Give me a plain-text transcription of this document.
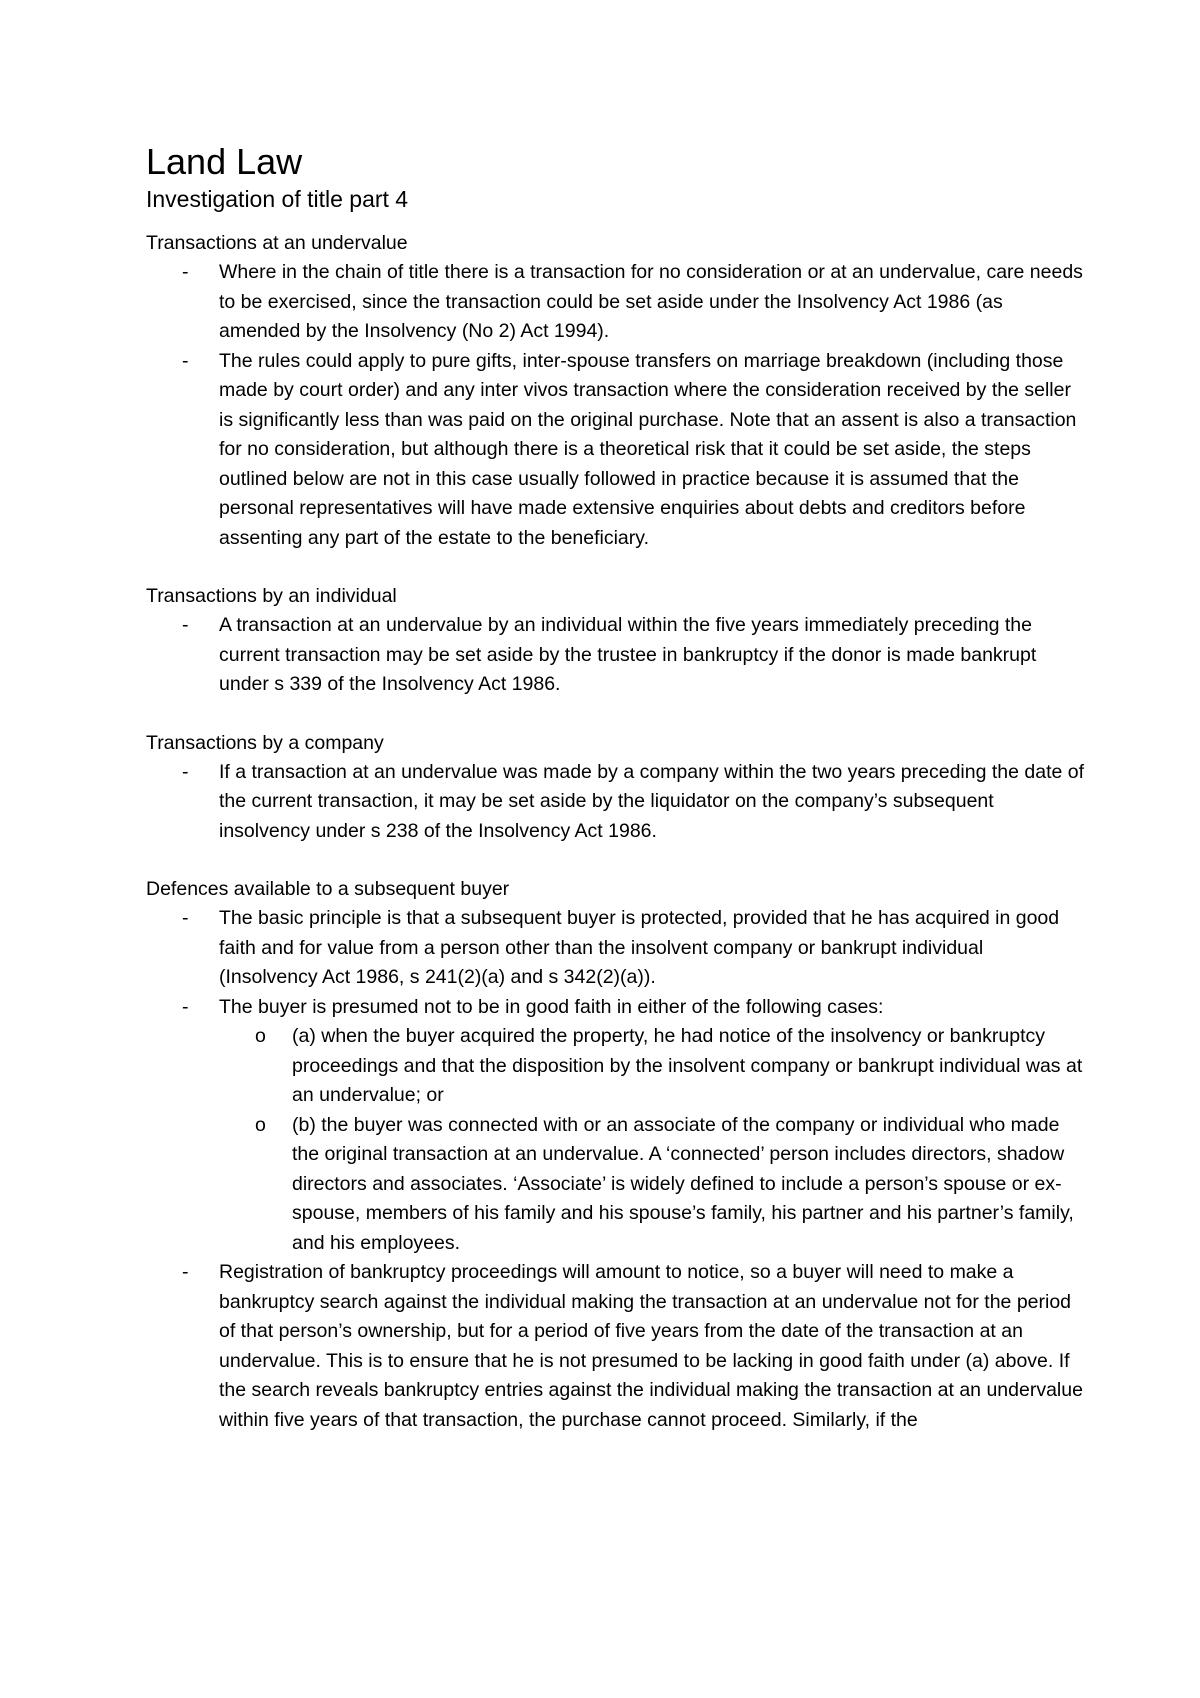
Land Law
Investigation of title part 4
Transactions at an undervalue
- Where in the chain of title there is a transaction for no consideration or at an undervalue, care needs to be exercised, since the transaction could be set aside under the Insolvency Act 1986 (as amended by the Insolvency (No 2) Act 1994).
- The rules could apply to pure gifts, inter-spouse transfers on marriage breakdown (including those made by court order) and any inter vivos transaction where the consideration received by the seller is significantly less than was paid on the original purchase. Note that an assent is also a transaction for no consideration, but although there is a theoretical risk that it could be set aside, the steps outlined below are not in this case usually followed in practice because it is assumed that the personal representatives will have made extensive enquiries about debts and creditors before assenting any part of the estate to the beneficiary.
Transactions by an individual
- A transaction at an undervalue by an individual within the five years immediately preceding the current transaction may be set aside by the trustee in bankruptcy if the donor is made bankrupt under s 339 of the Insolvency Act 1986.
Transactions by a company
- If a transaction at an undervalue was made by a company within the two years preceding the date of the current transaction, it may be set aside by the liquidator on the company’s subsequent insolvency under s 238 of the Insolvency Act 1986.
Defences available to a subsequent buyer
- The basic principle is that a subsequent buyer is protected, provided that he has acquired in good faith and for value from a person other than the insolvent company or bankrupt individual (Insolvency Act 1986, s 241(2)(a) and s 342(2)(a)).
- The buyer is presumed not to be in good faith in either of the following cases:
o (a) when the buyer acquired the property, he had notice of the insolvency or bankruptcy proceedings and that the disposition by the insolvent company or bankrupt individual was at an undervalue; or
o (b) the buyer was connected with or an associate of the company or individual who made the original transaction at an undervalue. A ‘connected’ person includes directors, shadow directors and associates. ‘Associate’ is widely defined to include a person’s spouse or ex-spouse, members of his family and his spouse’s family, his partner and his partner’s family, and his employees.
- Registration of bankruptcy proceedings will amount to notice, so a buyer will need to make a bankruptcy search against the individual making the transaction at an undervalue not for the period of that person’s ownership, but for a period of five years from the date of the transaction at an undervalue. This is to ensure that he is not presumed to be lacking in good faith under (a) above. If the search reveals bankruptcy entries against the individual making the transaction at an undervalue within five years of that transaction, the purchase cannot proceed. Similarly, if the
